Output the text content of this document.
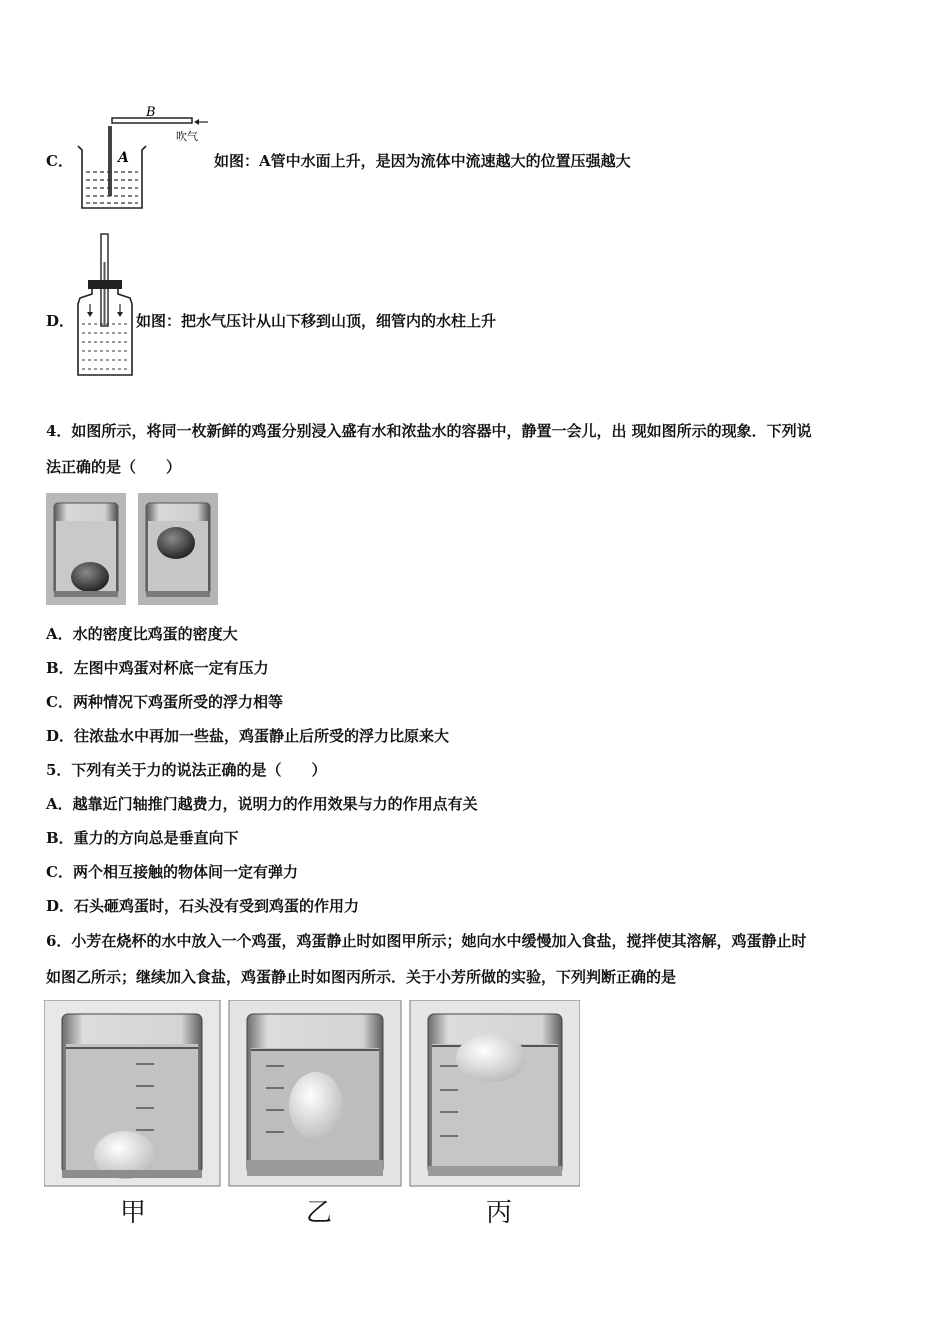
C．
B
A
吹气
如图：A管中水面上升，是因为流体中流速越大的位置压强越大
D．	如图：把水气压计从山下移到山顶，细管内的水柱上升
4．如图所示，将同一枚新鲜的鸡蛋分别浸入盛有水和浓盐水的容器中，静置一会儿，出 现如图所示的现象．下列说
法正确的是（　　）
A．水的密度比鸡蛋的密度大
B．左图中鸡蛋对杯底一定有压力
C．两种情况下鸡蛋所受的浮力相等
D．往浓盐水中再加一些盐，鸡蛋静止后所受的浮力比原来大
5．下列有关于力的说法正确的是（　　）
A．越靠近门轴推门越费力，说明力的作用效果与力的作用点有关
B．重力的方向总是垂直向下
C．两个相互接触的物体间一定有弹力
D．石头砸鸡蛋时，石头没有受到鸡蛋的作用力
6．小芳在烧杯的水中放入一个鸡蛋，鸡蛋静止时如图甲所示；她向水中缓慢加入食盐，搅拌使其溶解，鸡蛋静止时
如图乙所示；继续加入食盐，鸡蛋静止时如图丙所示．关于小芳所做的实验，下列判断正确的是
甲	乙	丙
